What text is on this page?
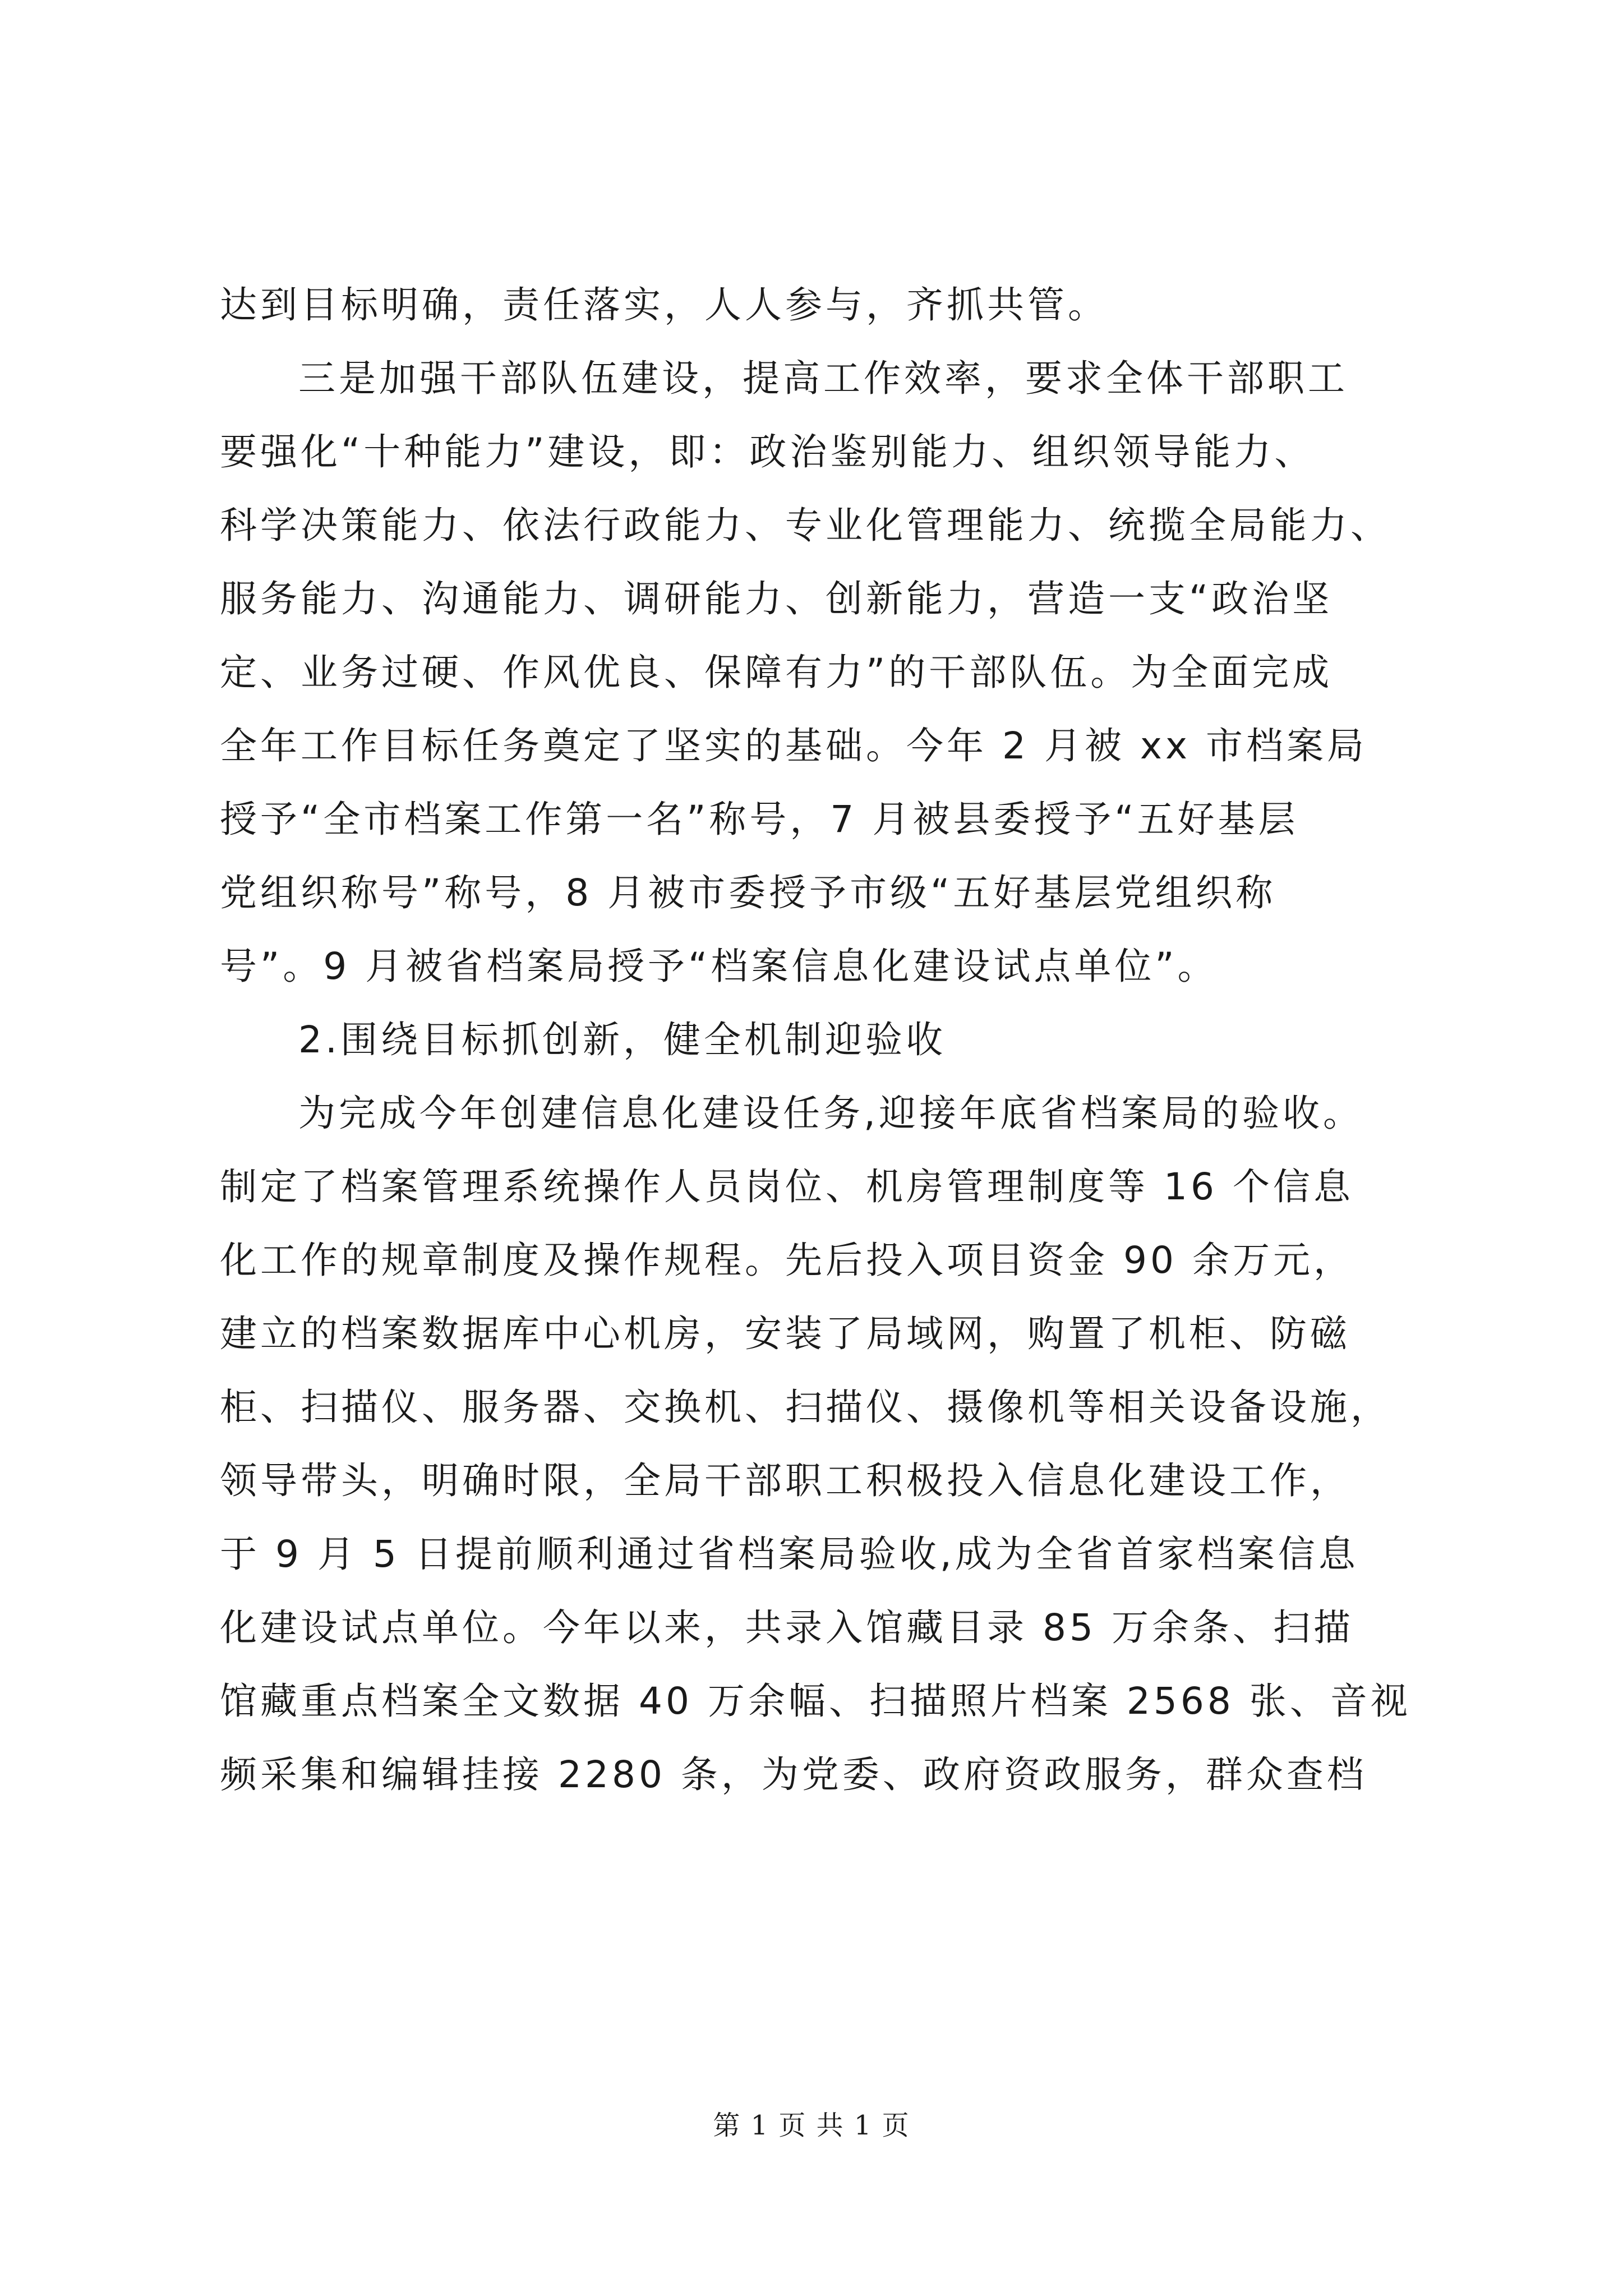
达到目标明确，责任落实，人人参与，齐抓共管。
三是加强干部队伍建设，提高工作效率，要求全体干部职工
要强化“十种能力”建设，即：政治鉴别能力、组织领导能力、
科学决策能力、依法行政能力、专业化管理能力、统揽全局能力、
服务能力、沟通能力、调研能力、创新能力，营造一支“政治坚
定、业务过硬、作风优良、保障有力”的干部队伍。为全面完成
全年工作目标任务奠定了坚实的基础。今年 2 月被 xx 市档案局
授予“全市档案工作第一名”称号，7 月被县委授予“五好基层
党组织称号”称号，8 月被市委授予市级“五好基层党组织称
号”。9 月被省档案局授予“档案信息化建设试点单位”。
2.围绕目标抓创新，健全机制迎验收
为完成今年创建信息化建设任务,迎接年底省档案局的验收。
制定了档案管理系统操作人员岗位、机房管理制度等 16 个信息
化工作的规章制度及操作规程。先后投入项目资金 90 余万元，
建立的档案数据库中心机房，安装了局域网，购置了机柜、防磁
柜、扫描仪、服务器、交换机、扫描仪、摄像机等相关设备设施，
领导带头，明确时限，全局干部职工积极投入信息化建设工作，
于 9 月 5 日提前顺利通过省档案局验收,成为全省首家档案信息
化建设试点单位。今年以来，共录入馆藏目录 85 万余条、扫描
馆藏重点档案全文数据 40 万余幅、扫描照片档案 2568 张、音视
频采集和编辑挂接 2280 条，为党委、政府资政服务，群众查档
第 1 页 共 1 页
